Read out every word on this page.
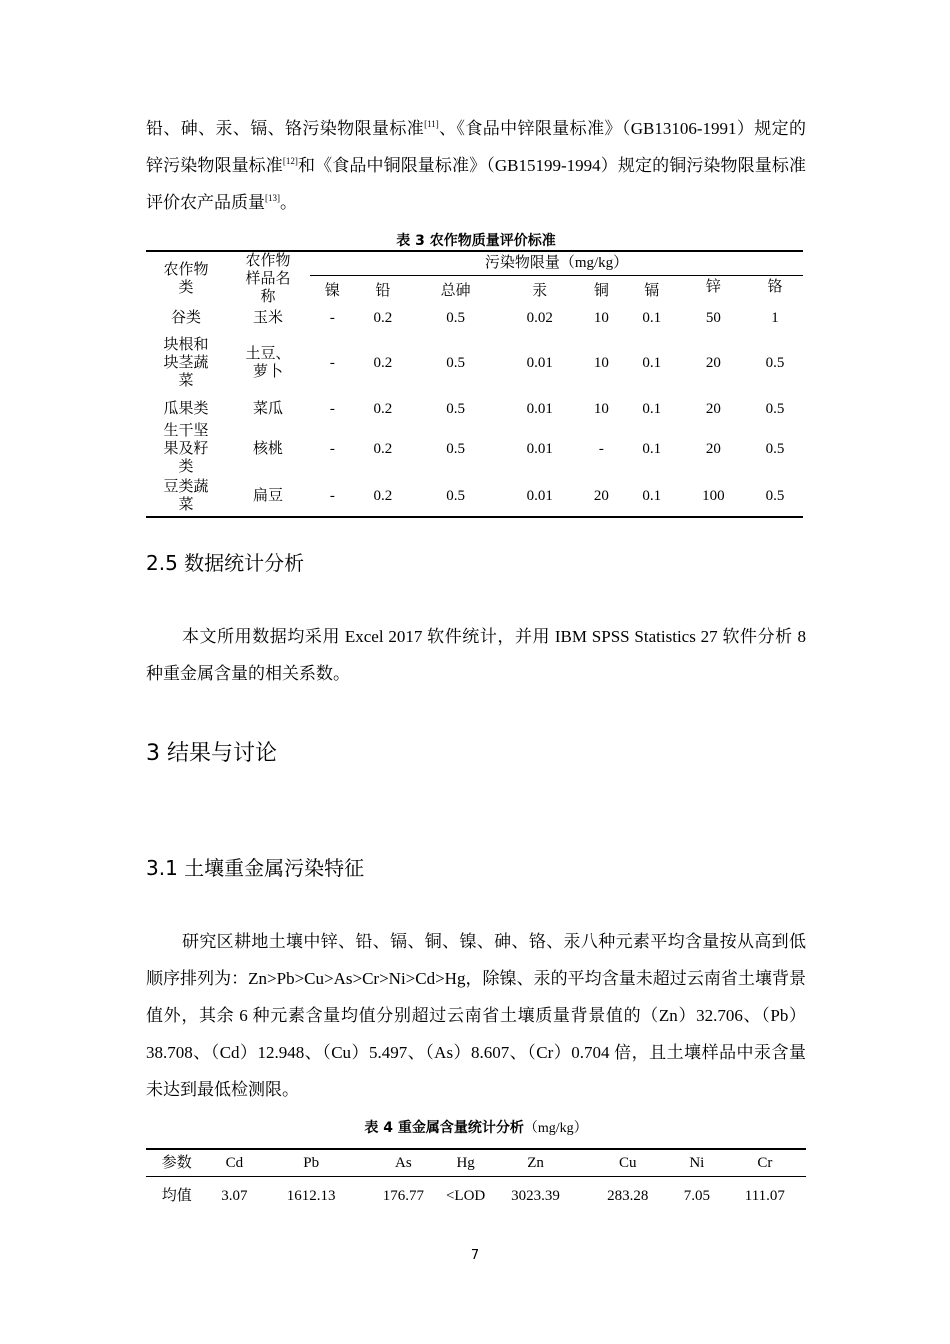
铅、砷、汞、镉、铬污染物限量标准[11]、《食品中锌限量标准》（GB13106-1991）规定的锌污染物限量标准[12]和《食品中铜限量标准》（GB15199-1994）规定的铜污染物限量标准评价农产品质量[13]。
表 3 农作物质量评价标准
农作物类	农作物样品名称	污染物限量（mg/kg）							
		镍	铅	总砷	汞	铜	镉	锌	铬
谷类	玉米	-	0.2	0.5	0.02	10	0.1	50	1
块根和块茎蔬菜	土豆、萝卜	-	0.2	0.5	0.01	10	0.1	20	0.5
瓜果类	菜瓜	-	0.2	0.5	0.01	10	0.1	20	0.5
生干坚果及籽类	核桃	-	0.2	0.5	0.01	-	0.1	20	0.5
豆类蔬菜	扁豆	-	0.2	0.5	0.01	20	0.1	100	0.5
2.5 数据统计分析
本文所用数据均采用 Excel 2017 软件统计，并用 IBM SPSS Statistics 27 软件分析 8 种重金属含量的相关系数。
3 结果与讨论
3.1 土壤重金属污染特征
研究区耕地土壤中锌、铅、镉、铜、镍、砷、铬、汞八种元素平均含量按从高到低顺序排列为：Zn>Pb>Cu>As>Cr>Ni>Cd>Hg，除镍、汞的平均含量未超过云南省土壤背景值外，其余 6 种元素含量均值分别超过云南省土壤质量背景值的（Zn）32.706、（Pb）38.708、（Cd）12.948、（Cu）5.497、（As）8.607、（Cr）0.704 倍，且土壤样品中汞含量未达到最低检测限。
表 4 重金属含量统计分析（mg/kg）
参数	Cd	Pb	As	Hg	Zn	Cu	Ni	Cr
均值	3.07	1612.13	176.77	<LOD	3023.39	283.28	7.05	111.07
7
